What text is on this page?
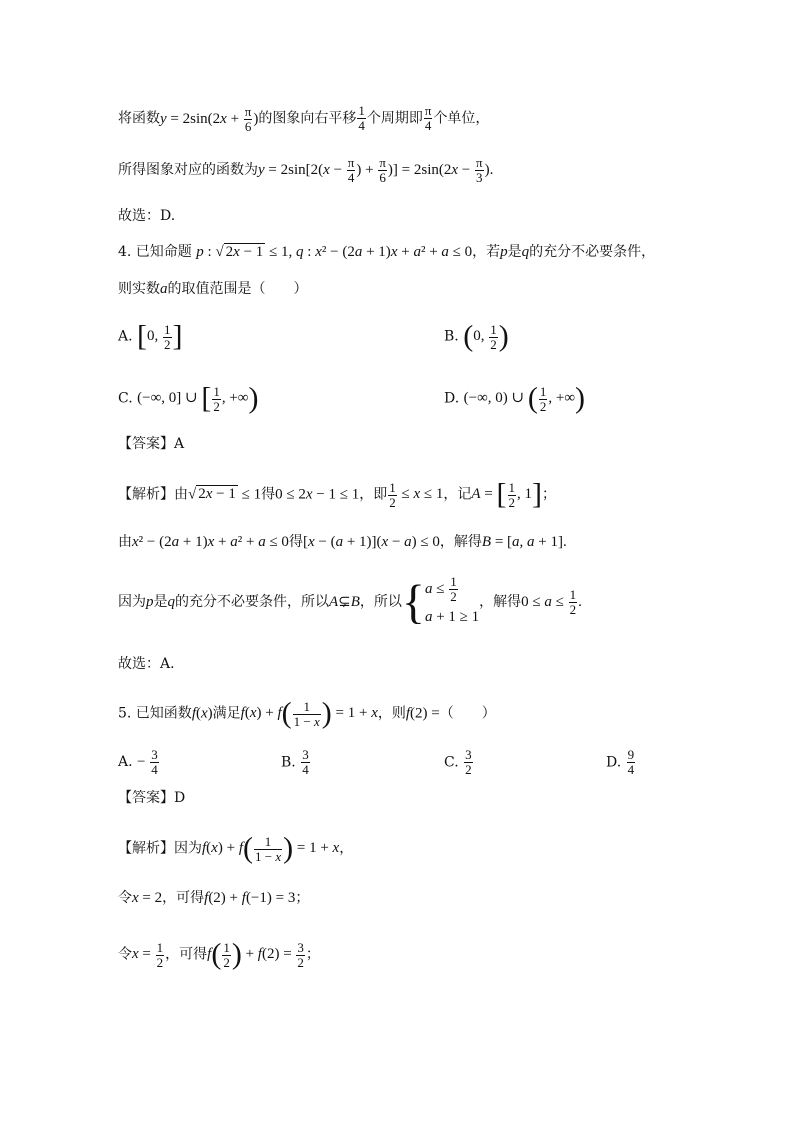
将函数$y = 2\sin(2x + \frac{\pi}{6}$ )的图象向右平移 $\frac{1}{4}$ 个周期即 $\frac{\pi}{4}$ 个单位，
所得图象对应的函数为$y = 2\sin[2(x - \frac{\pi}{4}$ ) + $\frac{\pi}{6}$ )] = $2\sin(2x - \frac{\pi}{3}$ ).
故选：D.
4. 已知命题 p : √ 2x − 1 ≤ 1, q : x² − (2a + 1)x + a² + a ≤ 0，若p是q的充分不必要条件，
则实数a的取值范围是（　　）
A. [0, $\frac{1}{2}$ ]	B. (0, $\frac{1}{2}$ )
C. (−∞, 0] ∪ [ $\frac{1}{2}$ , +∞)	D. (−∞, 0) ∪ ( $\frac{1}{2}$ , +∞)
【答案】A
【解析】由√ 2x − 1 ≤ 1得0 ≤ 2x − 1 ≤ 1，即 $\frac{1}{2} \le x \le 1$，记A = [ $\frac{1}{2}$ , 1]；
由x² − (2a + 1)x + a² + a ≤ 0得[x − (a + 1)](x − a) ≤ 0，解得B = [a, a + 1].
因为p是q的充分不必要条件，所以A⊊B，所以{ $a \le \frac{1}{2}$
a + 1 ≥ 1
，解得$0 \le a \le \frac{1}{2}$ .
故选：A.
5. 已知函数f(x)满足$f(x) + f( \frac{1}{1 - x}$ ) = 1 + x，则f(2) =（　　）
A. − $\frac{3}{4}$	B. $\frac{3}{4}$	C. $\frac{3}{2}$	D. $\frac{9}{4}$
【答案】D
【解析】因为$f(x) + f( \frac{1}{1 - x}$ ) = 1 + x，
令x = 2，可得f(2) + f(−1) = 3；
令$x = \frac{1}{2}$ ，可得$f( \frac{1}{2}$ ) + $f(2) = \frac{3}{2}$ ；
